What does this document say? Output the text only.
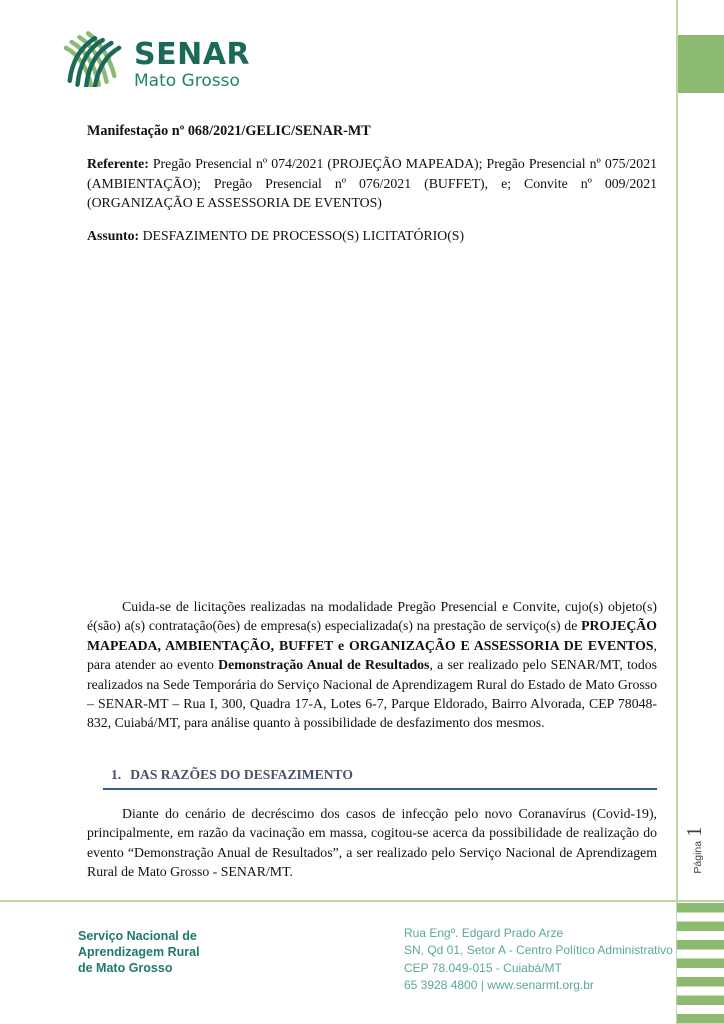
SENAR
Mato Grosso

Manifestação nº 068/2021/GELIC/SENAR-MT

Referente: Pregão Presencial nº 074/2021 (PROJEÇÃO MAPEADA); Pregão Presencial nº 075/2021 (AMBIENTAÇÃO); Pregão Presencial nº 076/2021 (BUFFET), e; Convite nº 009/2021 (ORGANIZAÇÃO E ASSESSORIA DE EVENTOS)

Assunto: DESFAZIMENTO DE PROCESSO(S) LICITATÓRIO(S)

Cuida-se de licitações realizadas na modalidade Pregão Presencial e Convite, cujo(s) objeto(s) é(são) a(s) contratação(ões) de empresa(s) especializada(s) na prestação de serviço(s) de PROJEÇÃO MAPEADA, AMBIENTAÇÃO, BUFFET e ORGANIZAÇÃO E ASSESSORIA DE EVENTOS, para atender ao evento Demonstração Anual de Resultados, a ser realizado pelo SENAR/MT, todos realizados na Sede Temporária do Serviço Nacional de Aprendizagem Rural do Estado de Mato Grosso – SENAR-MT – Rua I, 300, Quadra 17-A, Lotes 6-7, Parque Eldorado, Bairro Alvorada, CEP 78048-832, Cuiabá/MT, para análise quanto à possibilidade de desfazimento dos mesmos.

1. DAS RAZÕES DO DESFAZIMENTO

Diante do cenário de decréscimo dos casos de infecção pelo novo Coranavírus (Covid-19), principalmente, em razão da vacinação em massa, cogitou-se acerca da possibilidade de realização do evento “Demonstração Anual de Resultados”, a ser realizado pelo Serviço Nacional de Aprendizagem Rural de Mato Grosso - SENAR/MT.	Página
1
Serviço Nacional de
Aprendizagem Rural
de Mato Grosso
Rua Engº. Edgard Prado Arze
SN, Qd 01, Setor A - Centro Político Administrativo
CEP 78.049-015 - Cuiabá/MT
65 3928 4800 | www.senarmt.org.br
